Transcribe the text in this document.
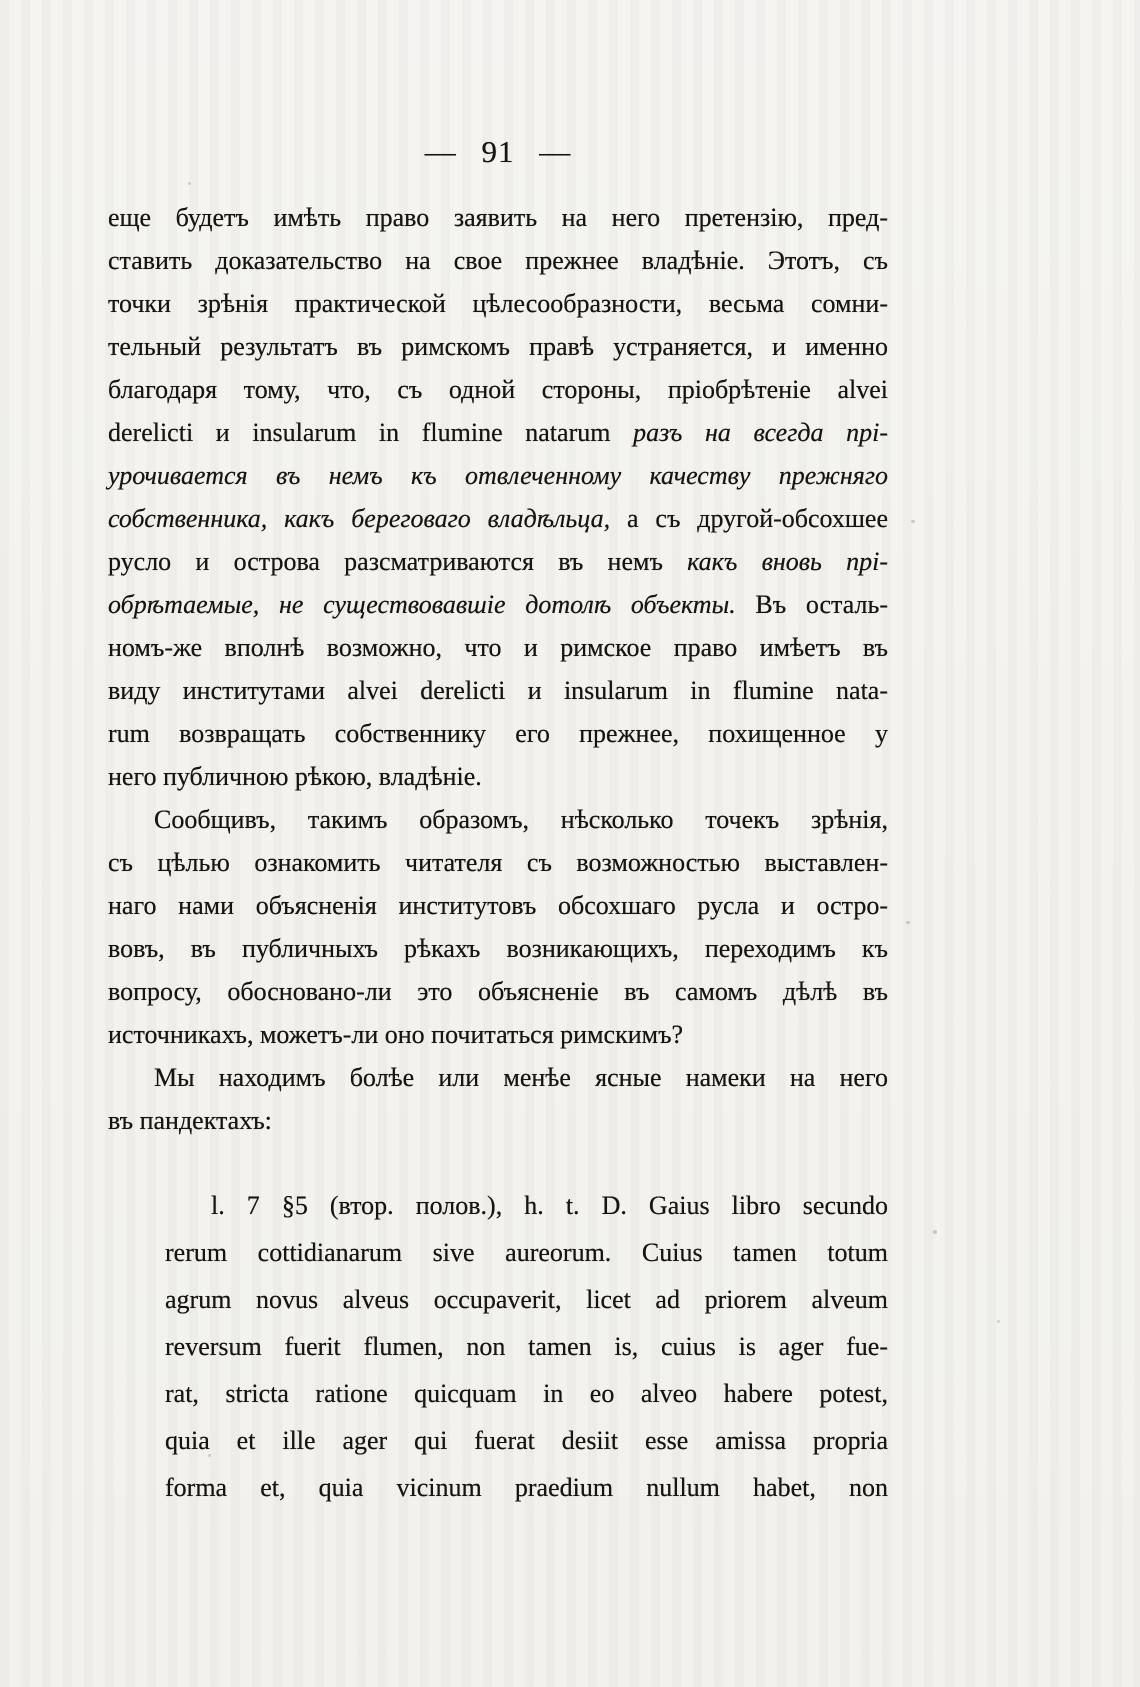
— 91 —
еще будетъ имѣть право заявить на него претензію, пред-
ставить доказательство на свое прежнее владѣніе. Этотъ, съ
точки зрѣнія практической цѣлесообразности, весьма сомни-
тельный результатъ въ римскомъ правѣ устраняется, и именно
благодаря тому, что, съ одной стороны, пріобрѣтеніе alvei
derelicti и insularum in flumine natarum разъ на всегда прі-
урочивается въ немъ къ отвлеченному качеству прежняго
собственника, какъ береговаго владѣльца, а съ другой-обсохшее
русло и острова разсматриваются въ немъ какъ вновь прі-
обрѣтаемые, не существовавшіе дотолѣ объекты. Въ осталь-
номъ-же вполнѣ возможно, что и римское право имѣетъ въ
виду институтами alvei derelicti и insularum in flumine nata-
rum возвращать собственнику его прежнее, похищенное у
него публичною рѣкою, владѣніе.
Сообщивъ, такимъ образомъ, нѣсколько точекъ зрѣнія,
съ цѣлью ознакомить читателя съ возможностью выставлен-
наго нами объясненія институтовъ обсохшаго русла и остро-
вовъ, въ публичныхъ рѣкахъ возникающихъ, переходимъ къ
вопросу, обосновано-ли это объясненіе въ самомъ дѣлѣ въ
источникахъ, можетъ-ли оно почитаться римскимъ?
Мы находимъ болѣе или менѣе ясные намеки на него
въ пандектахъ:
l. 7 §5 (втор. полов.), h. t. D. Gaius libro secundo
rerum cottidianarum sive aureorum. Cuius tamen totum
agrum novus alveus occupaverit, licet ad priorem alveum
reversum fuerit flumen, non tamen is, cuius is ager fue-
rat, stricta ratione quicquam in eo alveo habere potest,
quia et ille ager qui fuerat desiit esse amissa propria
forma et, quia vicinum praedium nullum habet, non
